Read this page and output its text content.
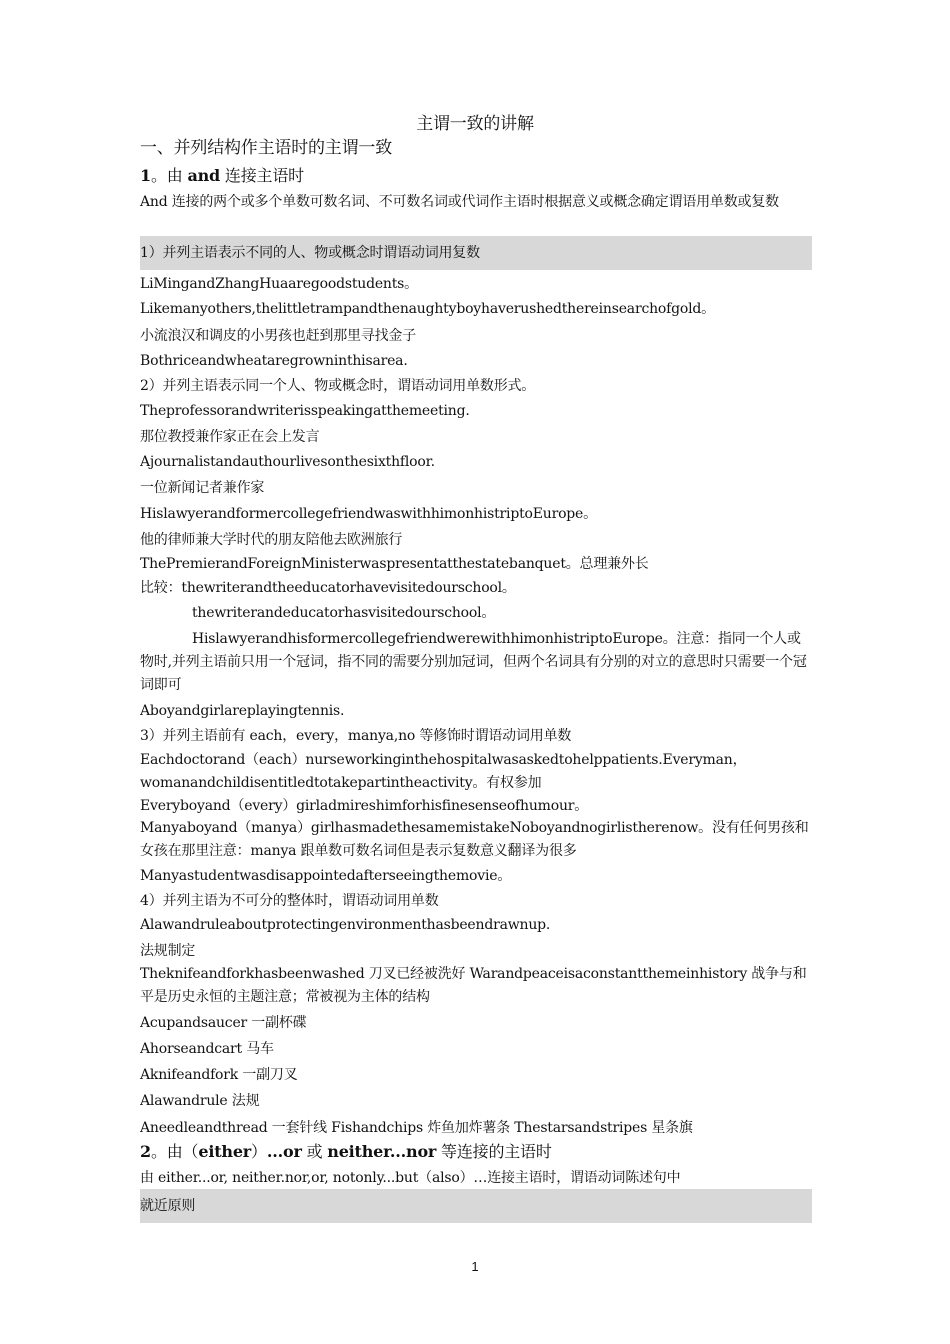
主谓一致的讲解
一、并列结构作主语时的主谓一致
1。由 and 连接主语时
And 连接的两个或多个单数可数名词、不可数名词或代词作主语时根据意义或概念确定谓语用单数或复数
1）并列主语表示不同的人、物或概念时谓语动词用复数
LiMingandZhangHuaaregoodstudents。
Likemanyothers,thelittletrampandthenaughtyboyhaverushedthereinsearchofgold。
小流浪汉和调皮的小男孩也赶到那里寻找金子
Bothriceandwheataregrowninthisarea.
2）并列主语表示同一个人、物或概念时，谓语动词用单数形式。
Theprofessorandwriterisspeakingatthemeeting.
那位教授兼作家正在会上发言
Ajournalistandauthourlivesonthesixthfloor.
一位新闻记者兼作家
HislawyerandformercollegefriendwaswithhimonhistriptoEurope。
他的律师兼大学时代的朋友陪他去欧洲旅行
ThePremierandForeignMinisterwaspresentatthestatebanquet。总理兼外长
比较：thewriterandtheeducatorhavevisitedourschool。
thewriterandeducatorhasvisitedourschool。
HislawyerandhisformercollegefriendwerewithhimonhistriptoEurope。注意：指同一个人或物时,并列主语前只用一个冠词，指不同的需要分别加冠词，但两个名词具有分别的对立的意思时只需要一个冠词即可
Aboyandgirlareplayingtennis.
3）并列主语前有 each，every，manya,no 等修饰时谓语动词用单数
Eachdoctorand（each）nurseworkinginthehospitalwasaskedtohelppatients.Everyman，womanandchildisentitledtotakepartintheactivity。有权参加
Everyboyand（every）girladmireshimforhisfinesenseofhumour。
Manyaboyand（manya）girlhasmadethesamemistakeNoboyandnogirlistherenow。没有任何男孩和女孩在那里注意：manya 跟单数可数名词但是表示复数意义翻译为很多
Manyastudentwasdisappointedafterseeingthemovie。
4）并列主语为不可分的整体时，谓语动词用单数
Alawandruleaboutprotectingenvironmenthasbeendrawnup.
法规制定
Theknifeandforkhasbeenwashed 刀叉已经被洗好 Warandpeaceisaconstantthemeinhistory 战争与和平是历史永恒的主题注意；常被视为主体的结构
Acupandsaucer 一副杯碟
Ahorseandcart 马车
Aknifeandfork 一副刀叉
Alawandrule 法规
Aneedleandthread 一套针线 Fishandchips 炸鱼加炸薯条 Thestarsandstripes 星条旗
2。由（either）...or 或 neither...nor 等连接的主语时
由 either...or, neither.nor,or, notonly...but（also）…连接主语时，谓语动词陈述句中
就近原则
1
